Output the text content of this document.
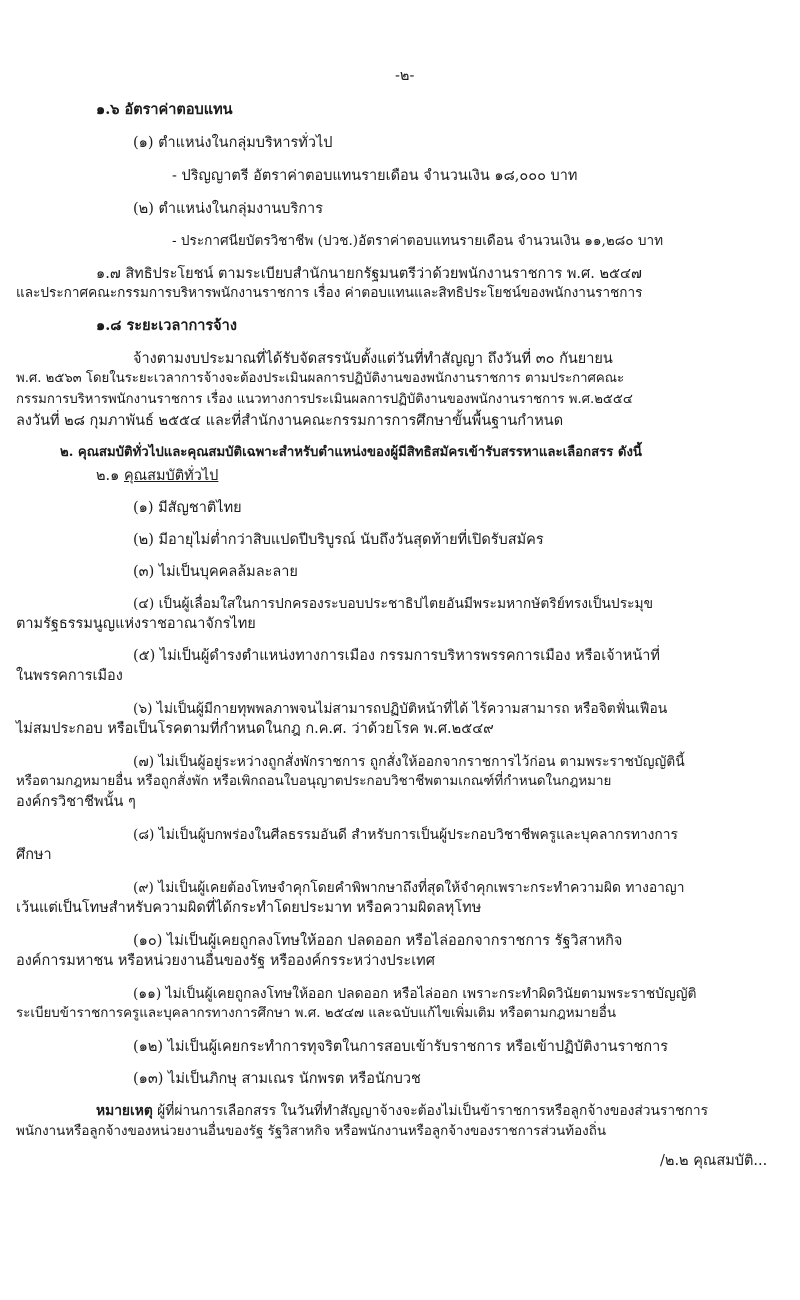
-๒-
๑.๖ อัตราค่าตอบแทน
(๑) ตำแหน่งในกลุ่มบริหารทั่วไป
- ปริญญาตรี อัตราค่าตอบแทนรายเดือน จำนวนเงิน ๑๘,๐๐๐ บาท
(๒) ตำแหน่งในกลุ่มงานบริการ
- ประกาศนียบัตรวิชาชีพ (ปวช.)อัตราค่าตอบแทนรายเดือน จำนวนเงิน ๑๑,๒๘๐ บาท
๑.๗ สิทธิประโยชน์ ตามระเบียบสำนักนายกรัฐมนตรีว่าด้วยพนักงานราชการ พ.ศ. ๒๕๔๗
และประกาศคณะกรรมการบริหารพนักงานราชการ เรื่อง ค่าตอบแทนและสิทธิประโยชน์ของพนักงานราชการ
๑.๘ ระยะเวลาการจ้าง
จ้างตามงบประมาณที่ได้รับจัดสรรนับตั้งแต่วันที่ทำสัญญา ถึงวันที่ ๓๐ กันยายน
พ.ศ. ๒๕๖๓ โดยในระยะเวลาการจ้างจะต้องประเมินผลการปฏิบัติงานของพนักงานราชการ ตามประกาศคณะ
กรรมการบริหารพนักงานราชการ เรื่อง แนวทางการประเมินผลการปฏิบัติงานของพนักงานราชการ พ.ศ.๒๕๕๔
ลงวันที่ ๒๘ กุมภาพันธ์ ๒๕๕๔ และที่สำนักงานคณะกรรมการการศึกษาขั้นพื้นฐานกำหนด
๒. คุณสมบัติทั่วไปและคุณสมบัติเฉพาะสำหรับตำแหน่งของผู้มีสิทธิสมัครเข้ารับสรรหาและเลือกสรร ดังนี้
๒.๑ คุณสมบัติทั่วไป
(๑) มีสัญชาติไทย
(๒) มีอายุไม่ต่ำกว่าสิบแปดปีบริบูรณ์ นับถึงวันสุดท้ายที่เปิดรับสมัคร
(๓) ไม่เป็นบุคคลล้มละลาย
(๔) เป็นผู้เลื่อมใสในการปกครองระบอบประชาธิปไตยอันมีพระมหากษัตริย์ทรงเป็นประมุข
ตามรัฐธรรมนูญแห่งราชอาณาจักรไทย
(๕) ไม่เป็นผู้ดำรงตำแหน่งทางการเมือง กรรมการบริหารพรรคการเมือง หรือเจ้าหน้าที่
ในพรรคการเมือง
(๖) ไม่เป็นผู้มีกายทุพพลภาพจนไม่สามารถปฏิบัติหน้าที่ได้ ไร้ความสามารถ หรือจิตฟั่นเฟือน
ไม่สมประกอบ หรือเป็นโรคตามที่กำหนดในกฎ ก.ค.ศ. ว่าด้วยโรค พ.ศ.๒๕๔๙
(๗) ไม่เป็นผู้อยู่ระหว่างถูกสั่งพักราชการ ถูกสั่งให้ออกจากราชการไว้ก่อน ตามพระราชบัญญัตินี้
หรือตามกฎหมายอื่น หรือถูกสั่งพัก หรือเพิกถอนใบอนุญาตประกอบวิชาชีพตามเกณฑ์ที่กำหนดในกฎหมาย
องค์กรวิชาชีพนั้น ๆ
(๘) ไม่เป็นผู้บกพร่องในศีลธรรมอันดี สำหรับการเป็นผู้ประกอบวิชาชีพครูและบุคลากรทางการ
ศึกษา
(๙) ไม่เป็นผู้เคยต้องโทษจำคุกโดยคำพิพากษาถึงที่สุดให้จำคุกเพราะกระทำความผิด ทางอาญา
เว้นแต่เป็นโทษสำหรับความผิดที่ได้กระทำโดยประมาท หรือความผิดลหุโทษ
(๑๐) ไม่เป็นผู้เคยถูกลงโทษให้ออก ปลดออก หรือไล่ออกจากราชการ รัฐวิสาหกิจ
องค์การมหาชน หรือหน่วยงานอื่นของรัฐ หรือองค์กรระหว่างประเทศ
(๑๑) ไม่เป็นผู้เคยถูกลงโทษให้ออก ปลดออก หรือไล่ออก เพราะกระทำผิดวินัยตามพระราชบัญญัติ
ระเบียบข้าราชการครูและบุคลากรทางการศึกษา พ.ศ. ๒๕๔๗ และฉบับแก้ไขเพิ่มเติม หรือตามกฎหมายอื่น
(๑๒) ไม่เป็นผู้เคยกระทำการทุจริตในการสอบเข้ารับราชการ หรือเข้าปฏิบัติงานราชการ
(๑๓) ไม่เป็นภิกษุ สามเณร นักพรต หรือนักบวช
หมายเหตุ ผู้ที่ผ่านการเลือกสรร ในวันที่ทำสัญญาจ้างจะต้องไม่เป็นข้าราชการหรือลูกจ้างของส่วนราชการ
พนักงานหรือลูกจ้างของหน่วยงานอื่นของรัฐ รัฐวิสาหกิจ หรือพนักงานหรือลูกจ้างของราชการส่วนท้องถิ่น
/๒.๒ คุณสมบัติ...
